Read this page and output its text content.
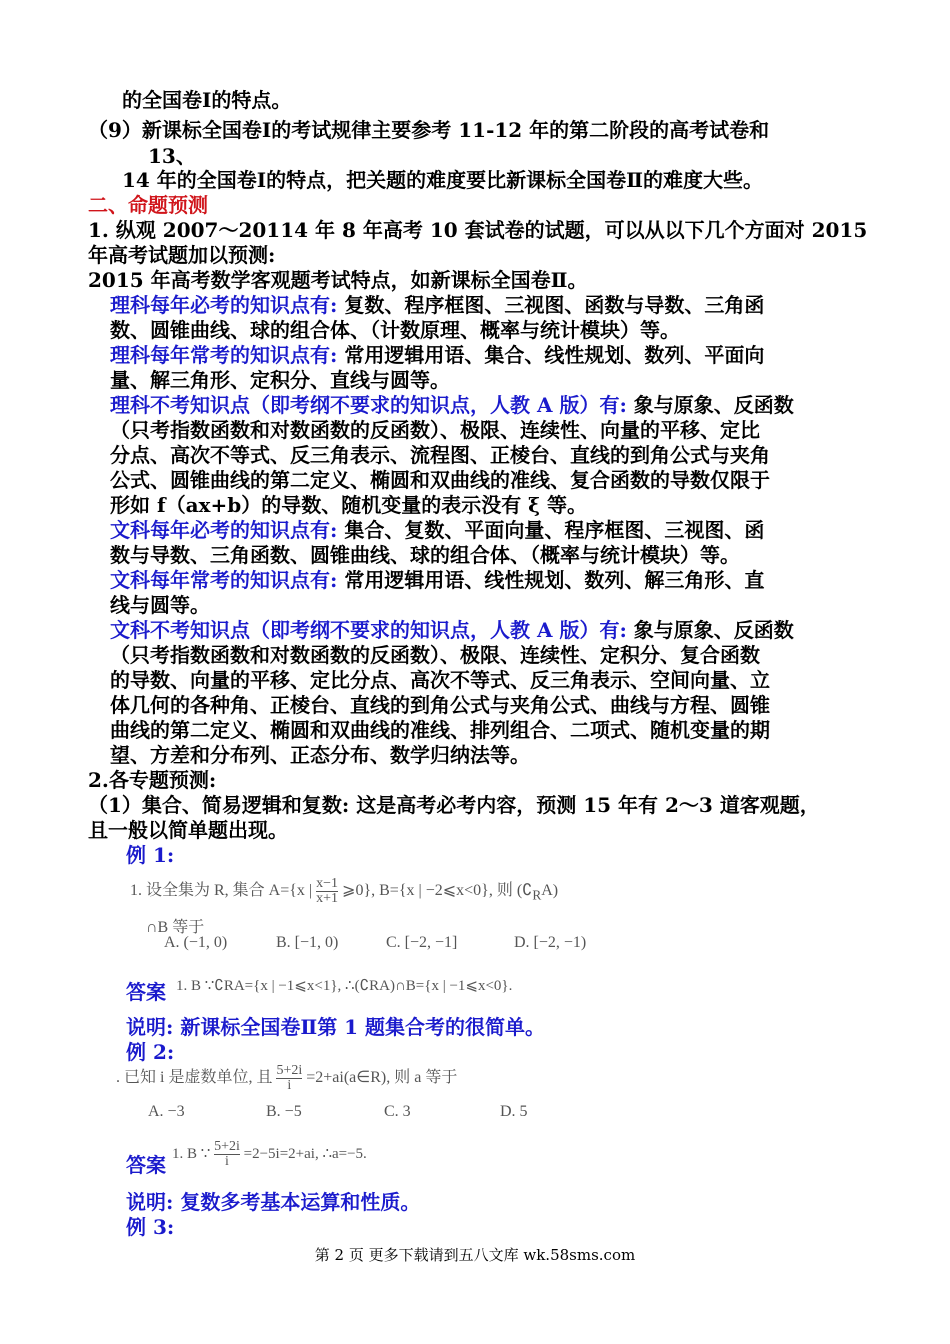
的全国卷Ⅰ的特点。
（9）新课标全国卷Ⅰ的考试规律主要参考 11-12 年的第二阶段的高考试卷和
13、
14 年的全国卷Ⅰ的特点，把关题的难度要比新课标全国卷Ⅱ的难度大些。
二、命题预测
1. 纵观 2007～20114 年 8 年高考 10 套试卷的试题，可以从以下几个方面对 2015
年高考试题加以预测:
2015 年高考数学客观题考试特点，如新课标全国卷Ⅱ。
理科每年必考的知识点有: 复数、程序框图、三视图、函数与导数、三角函
数、圆锥曲线、球的组合体、（计数原理、概率与统计模块）等。
理科每年常考的知识点有: 常用逻辑用语、集合、线性规划、数列、平面向
量、解三角形、定积分、直线与圆等。
理科不考知识点（即考纲不要求的知识点，人教 A 版）有: 象与原象、反函数
（只考指数函数和对数函数的反函数）、极限、连续性、向量的平移、定比
分点、高次不等式、反三角表示、流程图、正棱台、直线的到角公式与夹角
公式、圆锥曲线的第二定义、椭圆和双曲线的准线、复合函数的导数仅限于
形如 f（ax+b）的导数、随机变量的表示没有 ξ 等。
文科每年必考的知识点有: 集合、复数、平面向量、程序框图、三视图、函
数与导数、三角函数、圆锥曲线、球的组合体、（概率与统计模块）等。
文科每年常考的知识点有: 常用逻辑用语、线性规划、数列、解三角形、直
线与圆等。
文科不考知识点（即考纲不要求的知识点，人教 A 版）有: 象与原象、反函数
（只考指数函数和对数函数的反函数）、极限、连续性、定积分、复合函数
的导数、向量的平移、定比分点、高次不等式、反三角表示、空间向量、立
体几何的各种角、正棱台、直线的到角公式与夹角公式、曲线与方程、圆锥
曲线的第二定义、椭圆和双曲线的准线、排列组合、二项式、随机变量的期
望、方差和分布列、正态分布、数学归纳法等。
2.各专题预测:
（1）集合、简易逻辑和复数: 这是高考必考内容，预测 15 年有 2～3 道客观题，
且一般以简单题出现。
例 1:
1. 设全集为 R, 集合 A={x | $\frac{x-1}{x+1}$ ⩾0}, B={x | −2⩽x<0}, 则 $(∁_RA)$
∩B 等于
A. (−1, 0)	B. [−1, 0)	C. [−2, −1]	D. [−2, −1)
答案 1. B ∵∁RA={x | −1⩽x<1}, ∴(∁RA)∩B={x | −1⩽x<0}.
说明: 新课标全国卷Ⅱ第 1 题集合考的很简单。
例 2:
. 已知 i 是虚数单位, 且 $\frac{5+2i}{i}$ =2+ai(a∈R), 则 a 等于
A. −3	B. −5	C. 3	D. 5
答案 1. B ∵ $\frac{5+2i}{i} =2-5i=2+ai$, ∴a=−5.
说明: 复数多考基本运算和性质。
例 3:
第 2 页 更多下载请到五八文库 wk.58sms.com
